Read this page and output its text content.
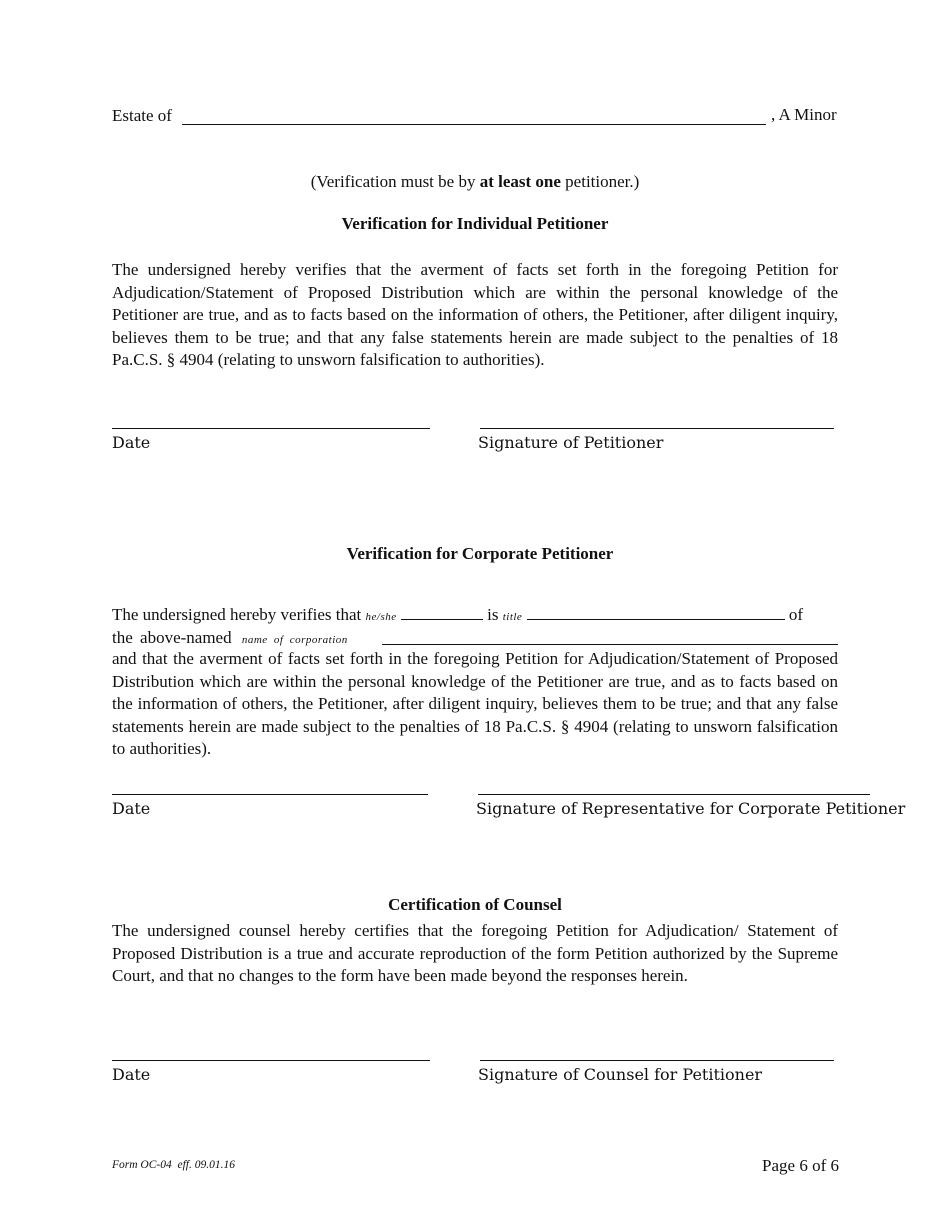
Estate of	, A Minor
(Verification must be by at least one petitioner.)
Verification for Individual Petitioner
The undersigned hereby verifies that the averment of facts set forth in the foregoing Petition for Adjudication/Statement of Proposed Distribution which are within the personal knowledge of the Petitioner are true, and as to facts based on the information of others, the Petitioner, after diligent inquiry, believes them to be true; and that any false statements herein are made subject to the penalties of 18 Pa.C.S. § 4904 (relating to unsworn falsification to authorities).
Date	Signature of Petitioner
Verification for Corporate Petitioner
The undersigned hereby verifies that he/she	is title	of
the above-named name of corporation
and that the averment of facts set forth in the foregoing Petition for Adjudication/Statement of Proposed Distribution which are within the personal knowledge of the Petitioner are true, and as to facts based on the information of others, the Petitioner, after diligent inquiry, believes them to be true; and that any false statements herein are made subject to the penalties of 18 Pa.C.S. § 4904 (relating to unsworn falsification to authorities).
Date	Signature of Representative for Corporate Petitioner
Certification of Counsel
The undersigned counsel hereby certifies that the foregoing Petition for Adjudication/ Statement of Proposed Distribution is a true and accurate reproduction of the form Petition authorized by the Supreme Court, and that no changes to the form have been made beyond the responses herein.
Date	Signature of Counsel for Petitioner
Form OC-04  eff. 09.01.16	Page 6 of 6
